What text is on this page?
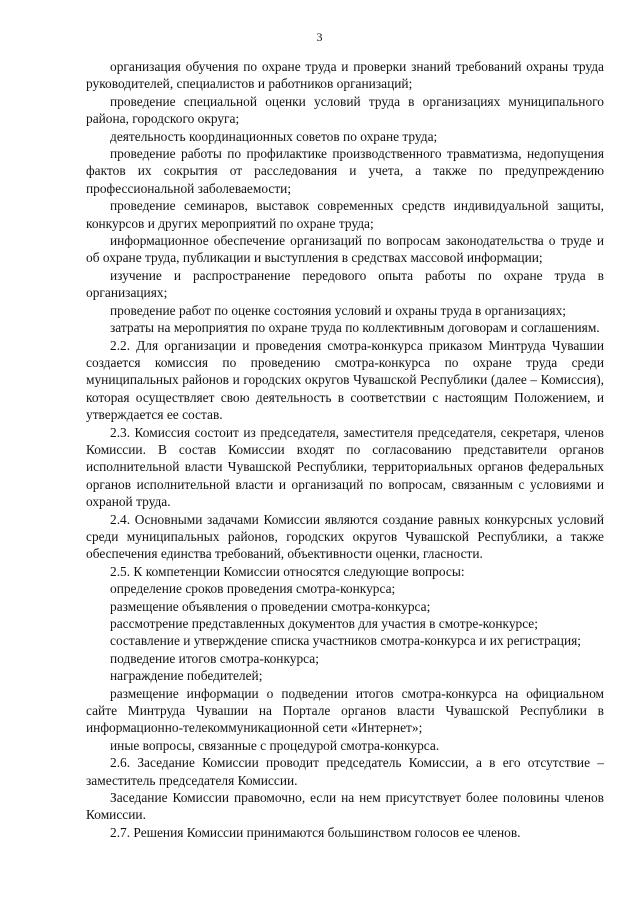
3

организация обучения по охране труда и проверки знаний требований охраны труда руководителей, специалистов и работников организаций;

проведение специальной оценки условий труда в организациях муниципального района, городского округа;

деятельность координационных советов по охране труда;

проведение работы по профилактике производственного травматизма, недопущения фактов их сокрытия от расследования и учета, а также по предупреждению профессиональной заболеваемости;

проведение семинаров, выставок современных средств индивидуальной защиты, конкурсов и других мероприятий по охране труда;

информационное обеспечение организаций по вопросам законодательства о труде и об охране труда, публикации и выступления в средствах массовой информации;

изучение и распространение передового опыта работы по охране труда в организациях;

проведение работ по оценке состояния условий и охраны труда в организациях;

затраты на мероприятия по охране труда по коллективным договорам и соглашениям.

2.2. Для организации и проведения смотра-конкурса приказом Минтруда Чувашии создается комиссия по проведению смотра-конкурса по охране труда среди муниципальных районов и городских округов Чувашской Республики (далее – Комиссия), которая осуществляет свою деятельность в соответствии с настоящим Положением, и утверждается ее состав.

2.3. Комиссия состоит из председателя, заместителя председателя, секретаря, членов Комиссии. В состав Комиссии входят по согласованию представители органов исполнительной власти Чувашской Республики, территориальных органов федеральных органов исполнительной власти и организаций по вопросам, связанным с условиями и охраной труда.

2.4. Основными задачами Комиссии являются создание равных конкурсных условий среди муниципальных районов, городских округов Чувашской Республики, а также обеспечения единства требований, объективности оценки, гласности.

2.5. К компетенции Комиссии относятся следующие вопросы:

определение сроков проведения смотра-конкурса;

размещение объявления о проведении смотра-конкурса;

рассмотрение представленных документов для участия в смотре-конкурсе;

составление и утверждение списка участников смотра-конкурса и их регистрация;

подведение итогов смотра-конкурса;

награждение победителей;

размещение информации о подведении итогов смотра-конкурса на официальном сайте Минтруда Чувашии на Портале органов власти Чувашской Республики в информационно-телекоммуникационной сети «Интернет»;

иные вопросы, связанные с процедурой смотра-конкурса.

2.6. Заседание Комиссии проводит председатель Комиссии, а в его отсутствие – заместитель председателя Комиссии.

Заседание Комиссии правомочно, если на нем присутствует более половины членов Комиссии.

2.7. Решения Комиссии принимаются большинством голосов ее членов.
